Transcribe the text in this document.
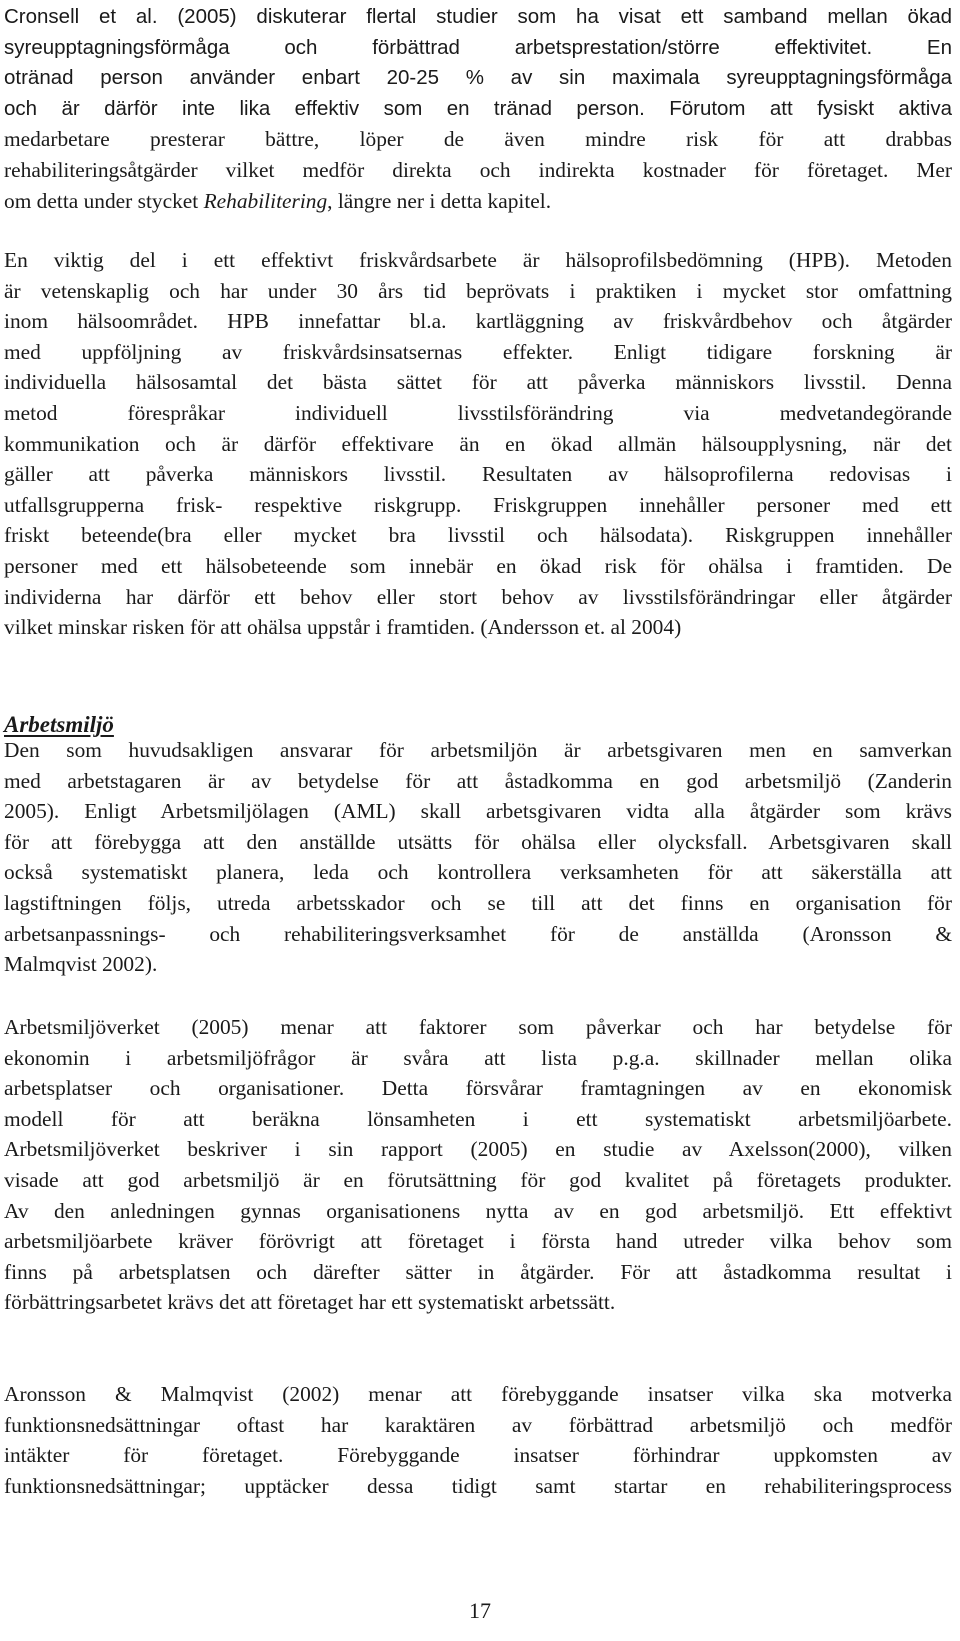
Cronsell et al. (2005) diskuterar flertal studier som ha visat ett samband mellan ökad
syreupptagningsförmåga och förbättrad arbetsprestation/större effektivitet. En
otränad person använder enbart 20-25 % av sin maximala syreupptagningsförmåga
och är därför inte lika effektiv som en tränad person. Förutom att fysiskt aktiva
medarbetare presterar bättre, löper de även mindre risk för att drabbas
rehabiliteringsåtgärder vilket medför direkta och indirekta kostnader för företaget. Mer
om detta under stycket Rehabilitering, längre ner i detta kapitel.
En viktig del i ett effektivt friskvårdsarbete är hälsoprofilsbedömning (HPB). Metoden
är vetenskaplig och har under 30 års tid beprövats i praktiken i mycket stor omfattning
inom hälsoområdet. HPB innefattar bl.a. kartläggning av friskvårdbehov och åtgärder
med uppföljning av friskvårdsinsatsernas effekter. Enligt tidigare forskning är
individuella hälsosamtal det bästa sättet för att påverka människors livsstil. Denna
metod förespråkar individuell livsstilsförändring via medvetandegörande
kommunikation och är därför effektivare än en ökad allmän hälsoupplysning, när det
gäller att påverka människors livsstil. Resultaten av hälsoprofilerna redovisas i
utfallsgrupperna frisk- respektive riskgrupp. Friskgruppen innehåller personer med ett
friskt beteende(bra eller mycket bra livsstil och hälsodata). Riskgruppen innehåller
personer med ett hälsobeteende som innebär en ökad risk för ohälsa i framtiden. De
individerna har därför ett behov eller stort behov av livsstilsförändringar eller åtgärder
vilket minskar risken för att ohälsa uppstår i framtiden. (Andersson et. al 2004)
Arbetsmiljö
Den som huvudsakligen ansvarar för arbetsmiljön är arbetsgivaren men en samverkan
med arbetstagaren är av betydelse för att åstadkomma en god arbetsmiljö (Zanderin
2005). Enligt Arbetsmiljölagen (AML) skall arbetsgivaren vidta alla åtgärder som krävs
för att förebygga att den anställde utsätts för ohälsa eller olycksfall. Arbetsgivaren skall
också systematiskt planera, leda och kontrollera verksamheten för att säkerställa att
lagstiftningen följs, utreda arbetsskador och se till att det finns en organisation för
arbetsanpassnings- och rehabiliteringsverksamhet för de anställda (Aronsson &
Malmqvist 2002).
Arbetsmiljöverket (2005) menar att faktorer som påverkar och har betydelse för
ekonomin i arbetsmiljöfrågor är svåra att lista p.g.a. skillnader mellan olika
arbetsplatser och organisationer. Detta försvårar framtagningen av en ekonomisk
modell för att beräkna lönsamheten i ett systematiskt arbetsmiljöarbete.
Arbetsmiljöverket beskriver i sin rapport (2005) en studie av Axelsson(2000), vilken
visade att god arbetsmiljö är en förutsättning för god kvalitet på företagets produkter.
Av den anledningen gynnas organisationens nytta av en god arbetsmiljö. Ett effektivt
arbetsmiljöarbete kräver förövrigt att företaget i första hand utreder vilka behov som
finns på arbetsplatsen och därefter sätter in åtgärder. För att åstadkomma resultat i
förbättringsarbetet krävs det att företaget har ett systematiskt arbetssätt.
Aronsson & Malmqvist (2002) menar att förebyggande insatser vilka ska motverka
funktionsnedsättningar oftast har karaktären av förbättrad arbetsmiljö och medför
intäkter för företaget. Förebyggande insatser förhindrar uppkomsten av
funktionsnedsättningar; upptäcker dessa tidigt samt startar en rehabiliteringsprocess
17
